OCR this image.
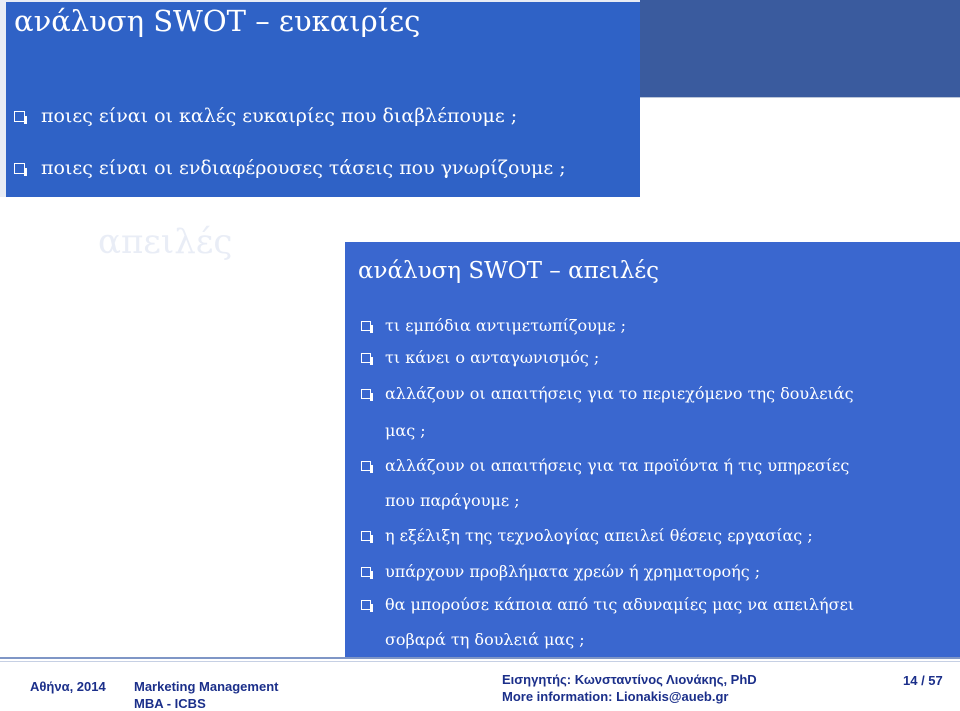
ανάλυση SWOT – ευκαιρίες
ποιες είναι οι καλές ευκαιρίες που διαβλέπουμε ;
ποιες είναι οι ενδιαφέρουσες τάσεις που γνωρίζουμε ;
απειλές
ανάλυση SWOT – απειλές
τι εμπόδια αντιμετωπίζουμε ;
τι κάνει ο ανταγωνισμός ;
αλλάζουν οι απαιτήσεις για το περιεχόμενο της δουλειάς
μας ;
αλλάζουν οι απαιτήσεις για τα προϊόντα ή τις υπηρεσίες
που παράγουμε ;
η εξέλιξη της τεχνολογίας απειλεί θέσεις εργασίας ;
υπάρχουν προβλήματα χρεών ή χρηματοροής ;
θα μπορούσε κάποια από τις αδυναμίες μας να απειλήσει
σοβαρά τη δουλειά μας ;
Αθήνα, 2014 Marketing Management
MBA - ICBS
Εισηγητής: Κωνσταντίνος Λιονάκης, PhD
More information: Lionakis@aueb.gr
14 / 57
